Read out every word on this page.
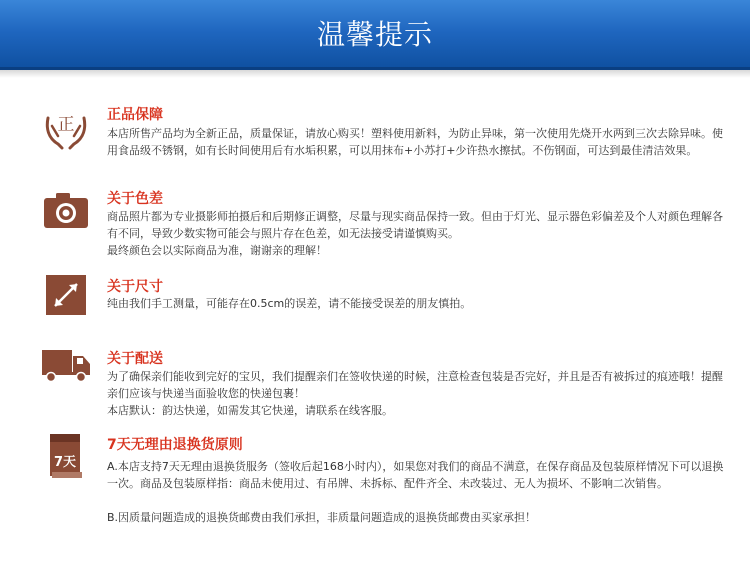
温馨提示
正 正品保障

本店所售产品均为全新正品，质量保证，请放心购买！塑料使用新料，为防止异味，第一次使用先烧开水两到三次去除异味。使用食品级不锈钢，如有长时间使用后有水垢积累，可以用抹布+小苏打+少许热水擦拭。不伤钢面，可达到最佳清洁效果。

关于色差

商品照片都为专业摄影师拍摄后和后期修正调整，尽量与现实商品保持一致。但由于灯光、显示器色彩偏差及个人对颜色理解各有不同，导致少数实物可能会与照片存在色差，如无法接受请谨慎购买。

最终颜色会以实际商品为准，谢谢亲的理解！

关于尺寸

纯由我们手工测量，可能存在0.5cm的误差，请不能接受误差的朋友慎拍。

关于配送

为了确保亲们能收到完好的宝贝，我们提醒亲们在签收快递的时候，注意检查包装是否完好，并且是否有被拆过的痕迹哦！提醒亲们应该与快递当面验收您的快递包裹！

本店默认：韵达快递，如需发其它快递，请联系在线客服。

7天
7天无理由退换货原则

A.本店支持7天无理由退换货服务（签收后起168小时内），如果您对我们的商品不满意，在保存商品及包装原样情况下可以退换一次。商品及包装原样指：商品未使用过、有吊牌、未拆标、配件齐全、未改装过、无人为损坏、不影响二次销售。

B.因质量问题造成的退换货邮费由我们承担，非质量问题造成的退换货邮费由买家承担！
